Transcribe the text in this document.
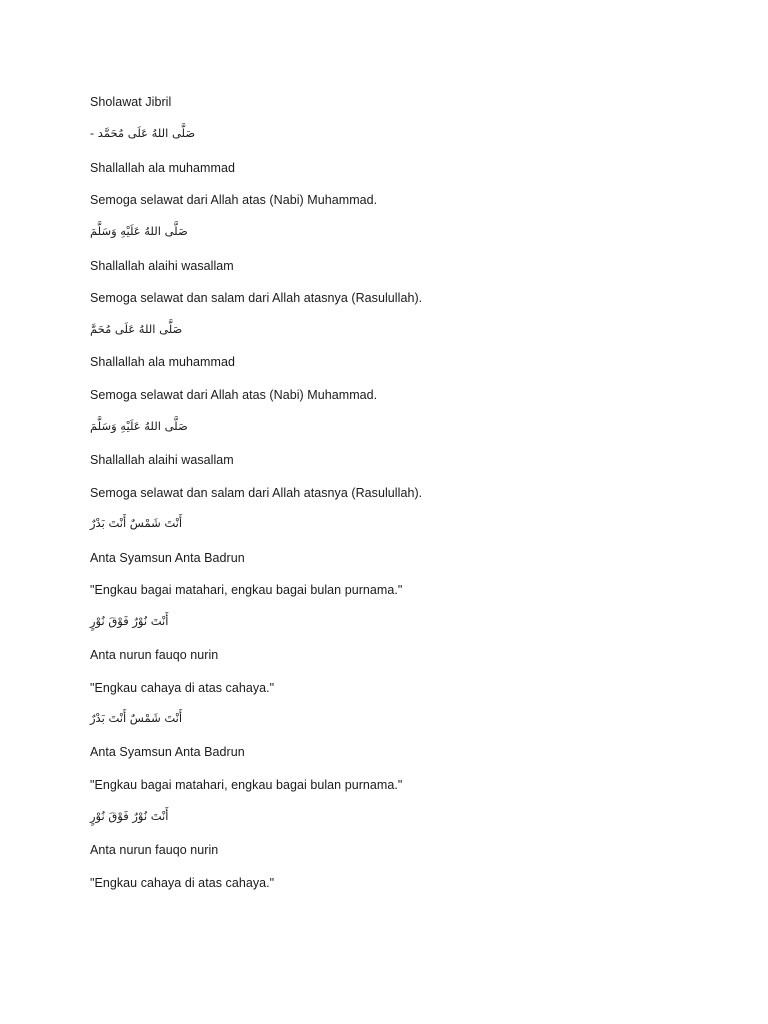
Sholawat Jibril
صَلَّى اللهُ عَلَى مُحَمَّد -
Shallallah ala muhammad
Semoga selawat dari Allah atas (Nabi) Muhammad.
صَلَّى اللهُ عَلَيْهِ وَسَلَّمَ
Shallallah alaihi wasallam
Semoga selawat dan salam dari Allah atasnya (Rasulullah).
صَلَّى اللهُ عَلَى مُحَمَّ
Shallallah ala muhammad
Semoga selawat dari Allah atas (Nabi) Muhammad.
صَلَّى اللهُ عَلَيْهِ وَسَلَّمَ
Shallallah alaihi wasallam
Semoga selawat dan salam dari Allah atasnya (Rasulullah).
أَنْتَ شَمْسٌ أَنْتَ بَدْرٌ
Anta Syamsun Anta Badrun
"Engkau bagai matahari, engkau bagai bulan purnama."
أَنْتَ نُوْرٌ فَوْقَ نُوْرٍ
Anta nurun fauqo nurin
"Engkau cahaya di atas cahaya."
أَنْتَ شَمْسٌ أَنْتَ بَدْرٌ
Anta Syamsun Anta Badrun
"Engkau bagai matahari, engkau bagai bulan purnama."
أَنْتَ نُوْرٌ فَوْقَ نُوْرٍ
Anta nurun fauqo nurin
"Engkau cahaya di atas cahaya."
